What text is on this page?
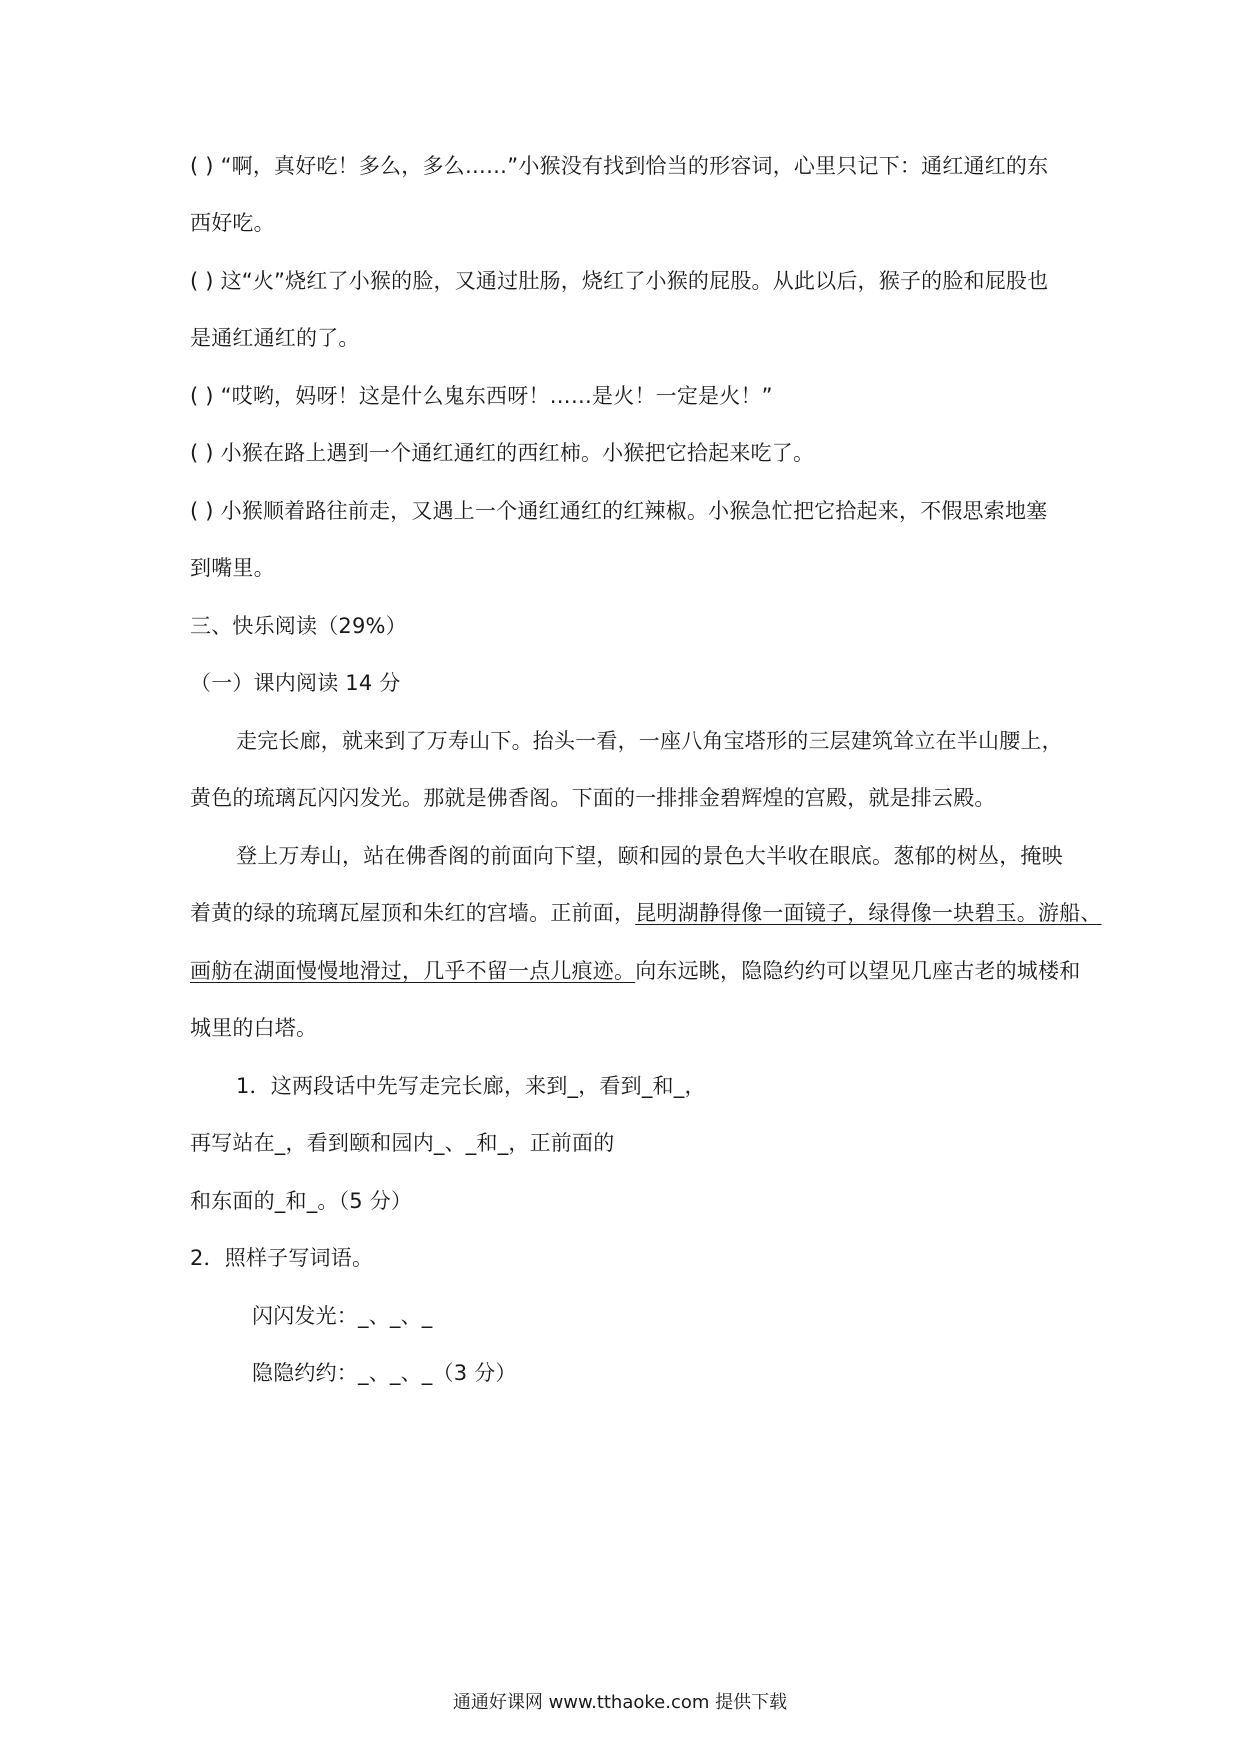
( ) “啊，真好吃！多么，多么……”小猴没有找到恰当的形容词，心里只记下：通红通红的东
西好吃。
( ) 这“火”烧红了小猴的脸，又通过肚肠，烧红了小猴的屁股。从此以后，猴子的脸和屁股也
是通红通红的了。
( ) “哎哟，妈呀！这是什么鬼东西呀！……是火！一定是火！”
( ) 小猴在路上遇到一个通红通红的西红柿。小猴把它拾起来吃了。
( ) 小猴顺着路往前走，又遇上一个通红通红的红辣椒。小猴急忙把它拾起来，不假思索地塞
到嘴里。
三、快乐阅读（29%）
（一）课内阅读 14 分
走完长廊，就来到了万寿山下。抬头一看，一座八角宝塔形的三层建筑耸立在半山腰上，
黄色的琉璃瓦闪闪发光。那就是佛香阁。下面的一排排金碧辉煌的宫殿，就是排云殿。
登上万寿山，站在佛香阁的前面向下望，颐和园的景色大半收在眼底。葱郁的树丛，掩映
着黄的绿的琉璃瓦屋顶和朱红的宫墙。正前面，昆明湖静得像一面镜子，绿得像一块碧玉。游船、
画舫在湖面慢慢地滑过，几乎不留一点儿痕迹。向东远眺，隐隐约约可以望见几座古老的城楼和
城里的白塔。
1．这两段话中先写走完长廊，来到_，看到_和_，
再写站在_，看到颐和园内_、_和_，正前面的
和东面的_和_。（5 分）
2．照样子写词语。
闪闪发光：_、_、_
隐隐约约：_、_、_（3 分）
通通好课网 www.tthaoke.com 提供下载
